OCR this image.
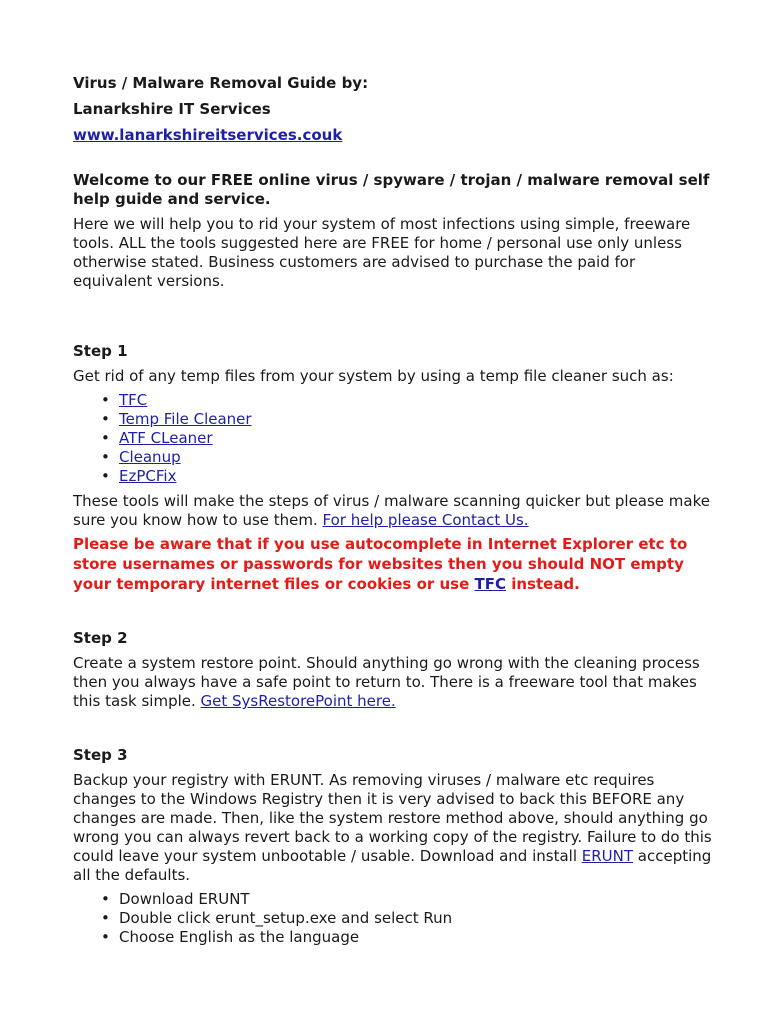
Virus / Malware Removal Guide by:

Lanarkshire IT Services

www.lanarkshireitservices.couk

Welcome to our FREE online virus / spyware / trojan / malware removal self help guide and service.

Here we will help you to rid your system of most infections using simple, freeware tools. ALL the tools suggested here are FREE for home / personal use only unless otherwise stated. Business customers are advised to purchase the paid for equivalent versions.

Step 1

Get rid of any temp files from your system by using a temp file cleaner such as:

• TFC
• Temp File Cleaner
• ATF CLeaner
• Cleanup
• EzPCFix

These tools will make the steps of virus / malware scanning quicker but please make sure you know how to use them. For help please Contact Us.

Please be aware that if you use autocomplete in Internet Explorer etc to store usernames or passwords for websites then you should NOT empty your temporary internet files or cookies or use TFC instead.

Step 2

Create a system restore point. Should anything go wrong with the cleaning process then you always have a safe point to return to. There is a freeware tool that makes this task simple. Get SysRestorePoint here.

Step 3

Backup your registry with ERUNT. As removing viruses / malware etc requires changes to the Windows Registry then it is very advised to back this BEFORE any changes are made. Then, like the system restore method above, should anything go wrong you can always revert back to a working copy of the registry. Failure to do this could leave your system unbootable / usable. Download and install ERUNT accepting all the defaults.

• Download ERUNT
• Double click erunt_setup.exe and select Run
• Choose English as the language
